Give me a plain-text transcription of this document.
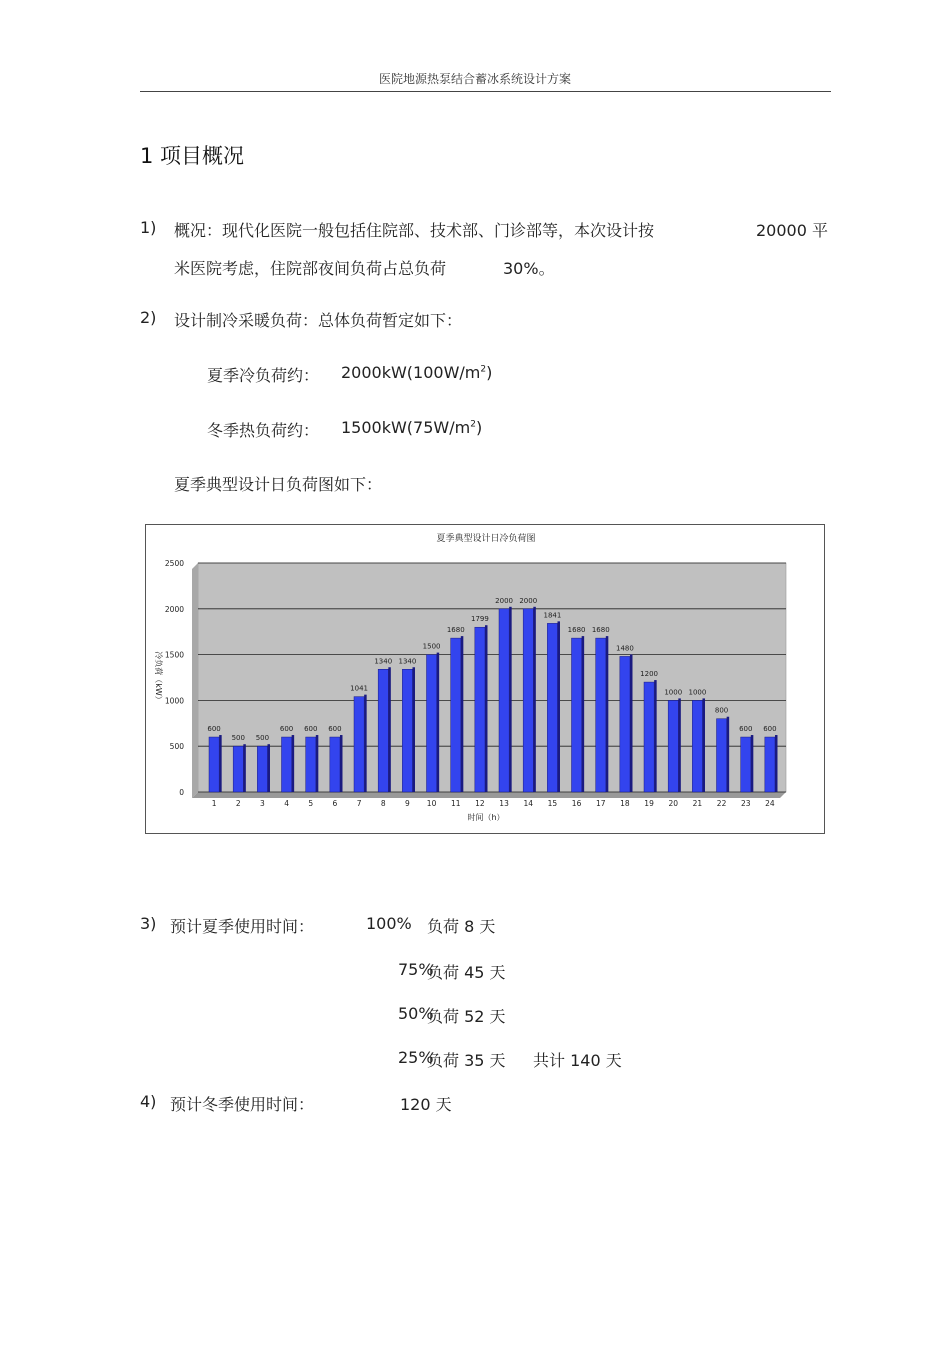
医院地源热泵结合蓄冰系统设计方案
1 项目概况
1) 概况：现代化医院一般包括住院部、技术部、门诊部等，本次设计按	20000 平
米医院考虑，住院部夜间负荷占总负荷	30%。
2) 设计制冷采暖负荷：总体负荷暂定如下：
夏季冷负荷约： $2000kW(100W/m^2)$
冬季热负荷约： $1500kW(75W/m^2)$
夏季典型设计日负荷图如下：
夏季典型设计日冷负荷图
0
500
1000
1500
2000
2500
冷负荷（kW）
600
1
500
2
500
3
600
4
600
5
600
6
1041
7
1340
8
1340
9
1500
10
1680
11
1799
12
2000
13
2000
14
1841
15
1680
16
1680
17
1480
18
1200
19
1000
20
1000
21
800
22
600
23
600
24
时间（h）
3) 预计夏季使用时间：	100% 负荷 8 天
75%
负荷 45 天
50%
负荷 52 天
25%
负荷 35 天 共计 140 天
4) 预计冬季使用时间：	120 天
